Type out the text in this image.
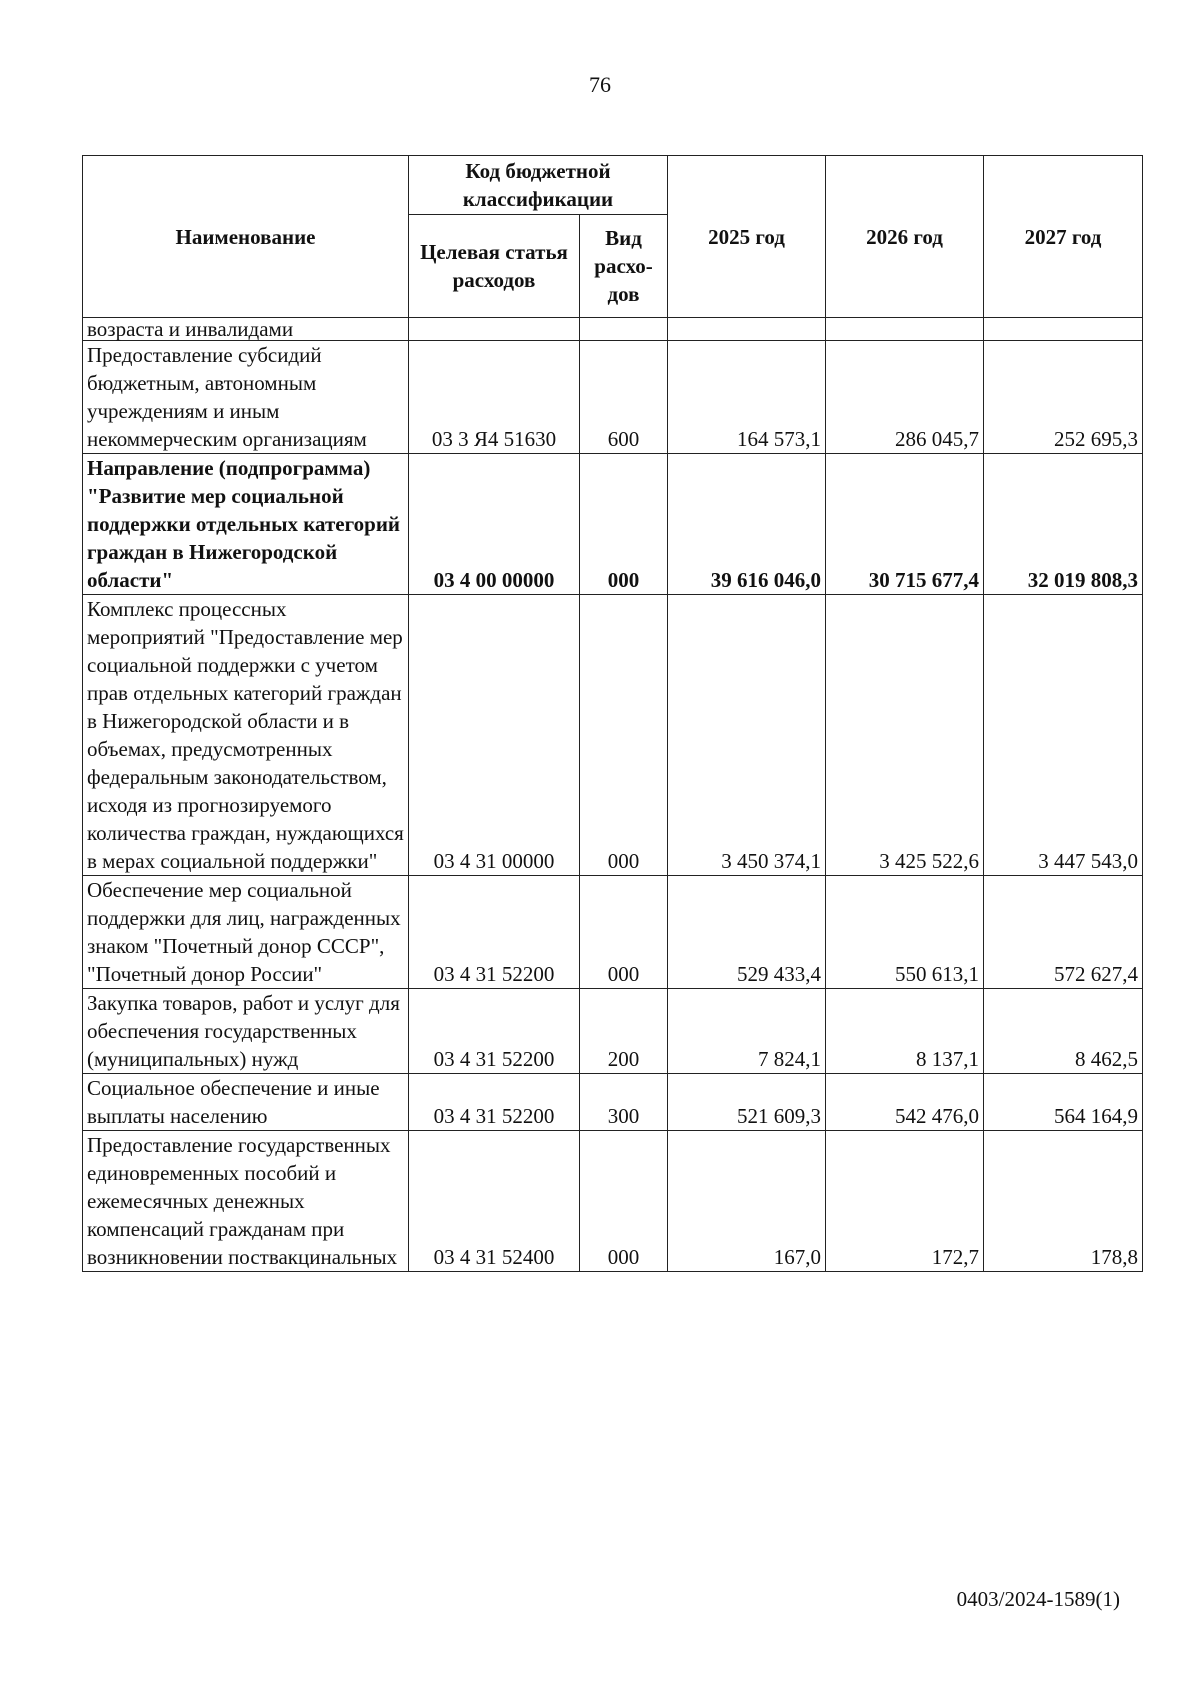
76
Наименование	Код бюджетной классификации		2025 год	2026 год	2027 год
	Целевая статья расходов	Вид расхо-дов			
возраста и инвалидами					
Предоставление субсидий бюджетным, автономным учреждениям и иным некоммерческим организациям	03 3 Я4 51630	600	164 573,1	286 045,7	252 695,3
Направление (подпрограмма) "Развитие мер социальной поддержки отдельных категорий граждан в Нижегородской области"	03 4 00 00000	000	39 616 046,0	30 715 677,4	32 019 808,3
Комплекс процессных мероприятий "Предоставление мер социальной поддержки с учетом прав отдельных категорий граждан в Нижегородской области и в объемах, предусмотренных федеральным законодательством, исходя из прогнозируемого количества граждан, нуждающихся в мерах социальной поддержки"	03 4 31 00000	000	3 450 374,1	3 425 522,6	3 447 543,0
Обеспечение мер социальной поддержки для лиц, награжденных знаком "Почетный донор СССР", "Почетный донор России"	03 4 31 52200	000	529 433,4	550 613,1	572 627,4
Закупка товаров, работ и услуг для обеспечения государственных (муниципальных) нужд	03 4 31 52200	200	7 824,1	8 137,1	8 462,5
Социальное обеспечение и иные выплаты населению	03 4 31 52200	300	521 609,3	542 476,0	564 164,9
Предоставление государственных единовременных пособий и ежемесячных денежных компенсаций гражданам при возникновении поствакцинальных	03 4 31 52400	000	167,0	172,7	178,8
0403/2024-1589(1)
